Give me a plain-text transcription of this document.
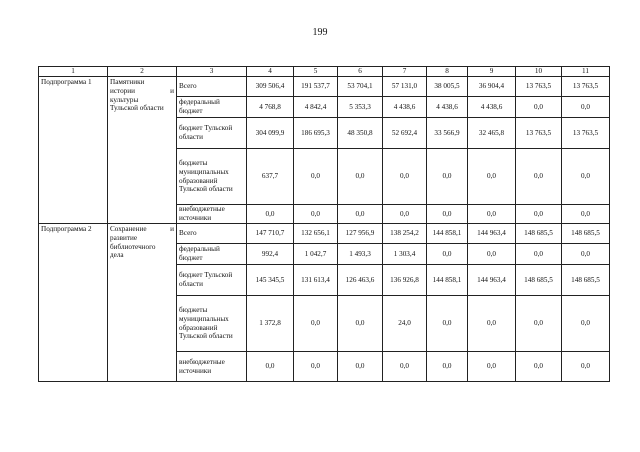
199
1	2	3	4	5	6	7	8	9	10	11
Подпрограмма 1	Памятники
истории и
культуры
Тульской области	Всего	309 506,4	191 537,7	53 704,1	57 131,0	38 005,5	36 904,4	13 763,5	13 763,5
		федеральный бюджет	4 768,8	4 842,4	5 353,3	4 438,6	4 438,6	4 438,6	0,0	0,0
		бюджет Тульской области	304 099,9	186 695,3	48 350,8	52 692,4	33 566,9	32 465,8	13 763,5	13 763,5
		бюджеты муниципальных образований Тульской области	637,7	0,0	0,0	0,0	0,0	0,0	0,0	0,0
		внебюджетные источники	0,0	0,0	0,0	0,0	0,0	0,0	0,0	0,0
Подпрограмма 2	Сохранение и
развитие
библиотечного
дела	Всего	147 710,7	132 656,1	127 956,9	138 254,2	144 858,1	144 963,4	148 685,5	148 685,5
		федеральный бюджет	992,4	1 042,7	1 493,3	1 303,4	0,0	0,0	0,0	0,0
		бюджет Тульской области	145 345,5	131 613,4	126 463,6	136 926,8	144 858,1	144 963,4	148 685,5	148 685,5
		бюджеты муниципальных образований Тульской области	1 372,8	0,0	0,0	24,0	0,0	0,0	0,0	0,0
		внебюджетные источники	0,0	0,0	0,0	0,0	0,0	0,0	0,0	0,0
